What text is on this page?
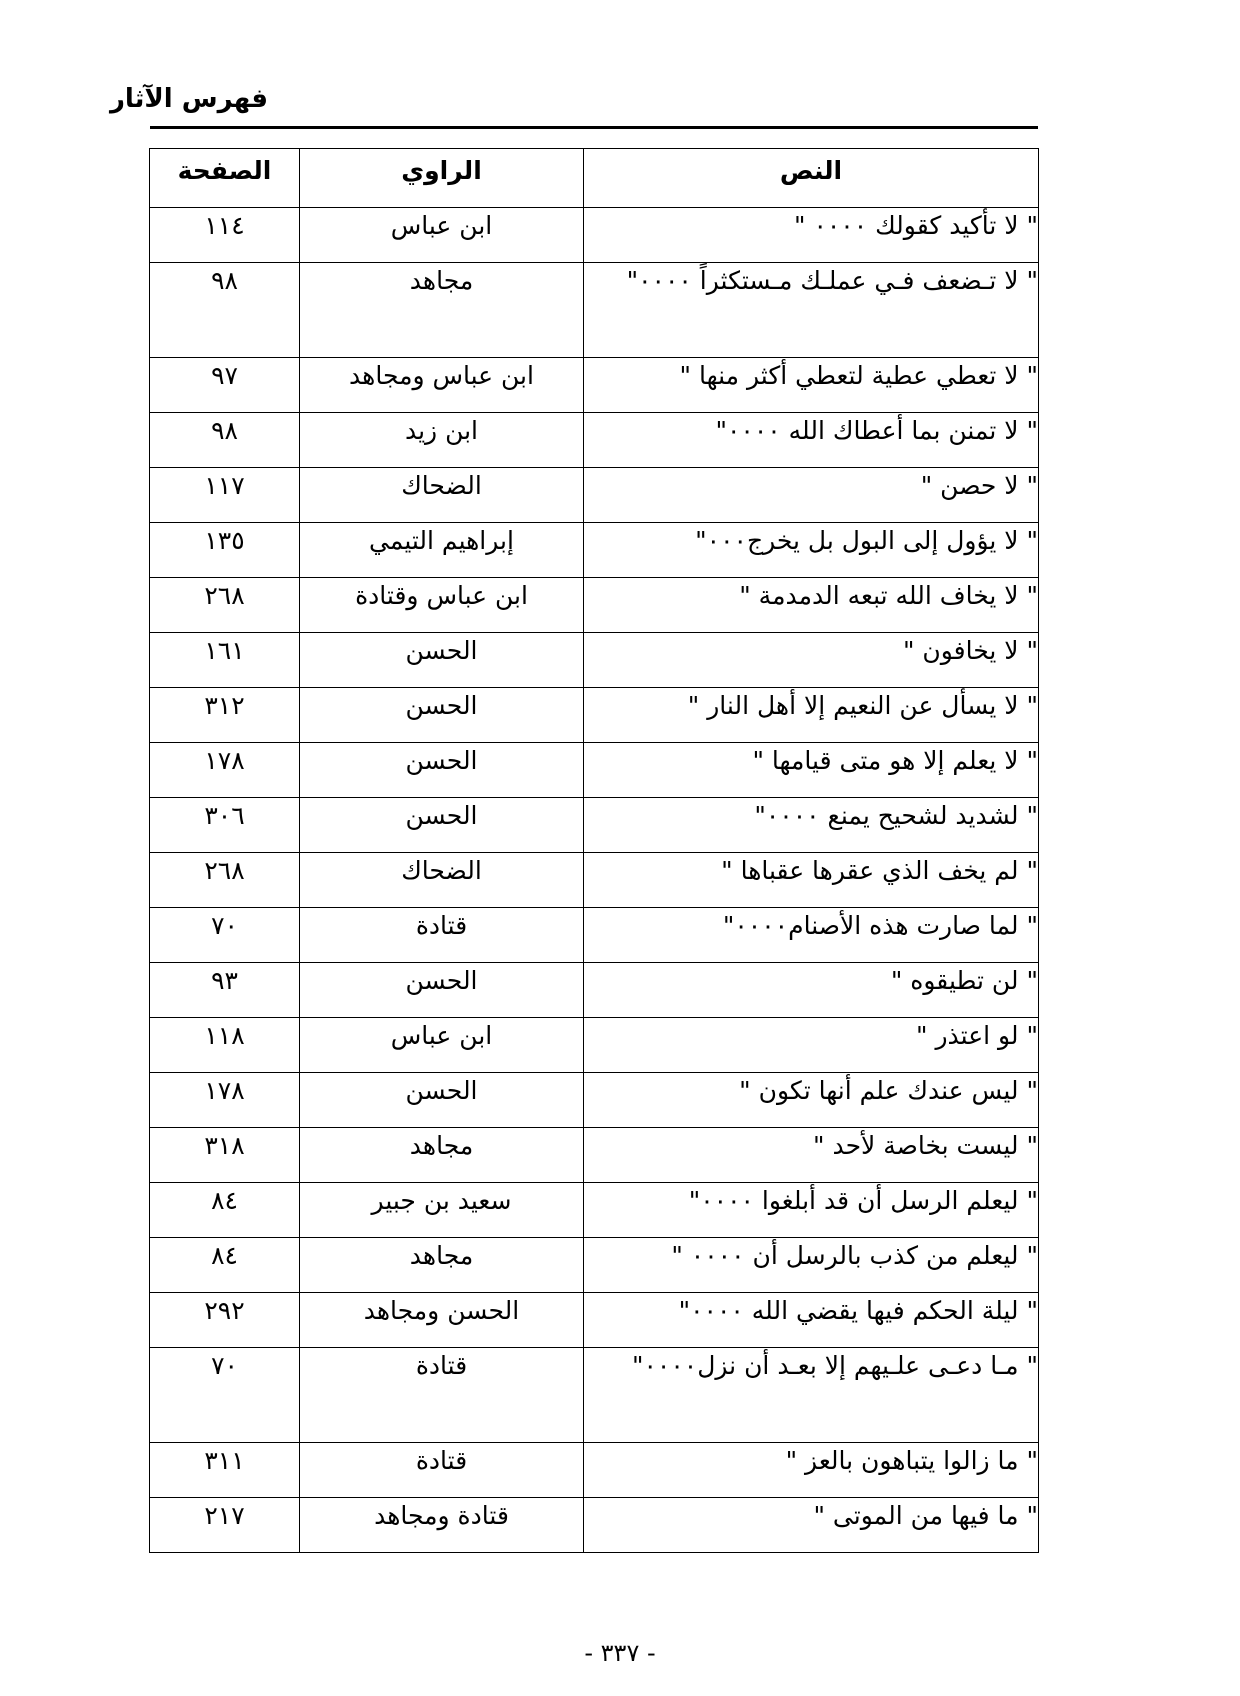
فهرس الآثار
النص	الراوي	الصفحة
" لا تأكيد كقولك ٠٠٠٠ "	ابن عباس	١١٤
" لا تـضعف فـي عملـك مـستكثراً ٠٠٠٠"	مجاهد	٩٨
" لا تعطي عطية لتعطي أكثر منها "	ابن عباس ومجاهد	٩٧
" لا تمنن بما أعطاك الله ٠٠٠٠"	ابن زيد	٩٨
" لا حصن "	الضحاك	١١٧
" لا يؤول إلى البول بل يخرج٠٠٠"	إبراهيم التيمي	١٣٥
" لا يخاف الله تبعه الدمدمة "	ابن عباس وقتادة	٢٦٨
" لا يخافون "	الحسن	١٦١
" لا يسأل عن النعيم إلا أهل النار "	الحسن	٣١٢
" لا يعلم إلا هو متى قيامها "	الحسن	١٧٨
" لشديد لشحيح يمنع ٠٠٠٠"	الحسن	٣٠٦
" لم يخف الذي عقرها عقباها "	الضحاك	٢٦٨
" لما صارت هذه الأصنام٠٠٠٠"	قتادة	٧٠
" لن تطيقوه "	الحسن	٩٣
" لو اعتذر "	ابن عباس	١١٨
" ليس عندك علم أنها تكون "	الحسن	١٧٨
" ليست بخاصة لأحد "	مجاهد	٣١٨
" ليعلم الرسل أن قد أبلغوا ٠٠٠٠"	سعيد بن جبير	٨٤
" ليعلم من كذب بالرسل أن ٠٠٠٠ "	مجاهد	٨٤
" ليلة الحكم فيها يقضي الله ٠٠٠٠"	الحسن ومجاهد	٢٩٢
" مـا دعـى علـيهم إلا بعـد أن نزل٠٠٠٠"	قتادة	٧٠
" ما زالوا يتباهون بالعز "	قتادة	٣١١
" ما فيها من الموتى "	قتادة ومجاهد	٢١٧
- ٣٣٧ -
